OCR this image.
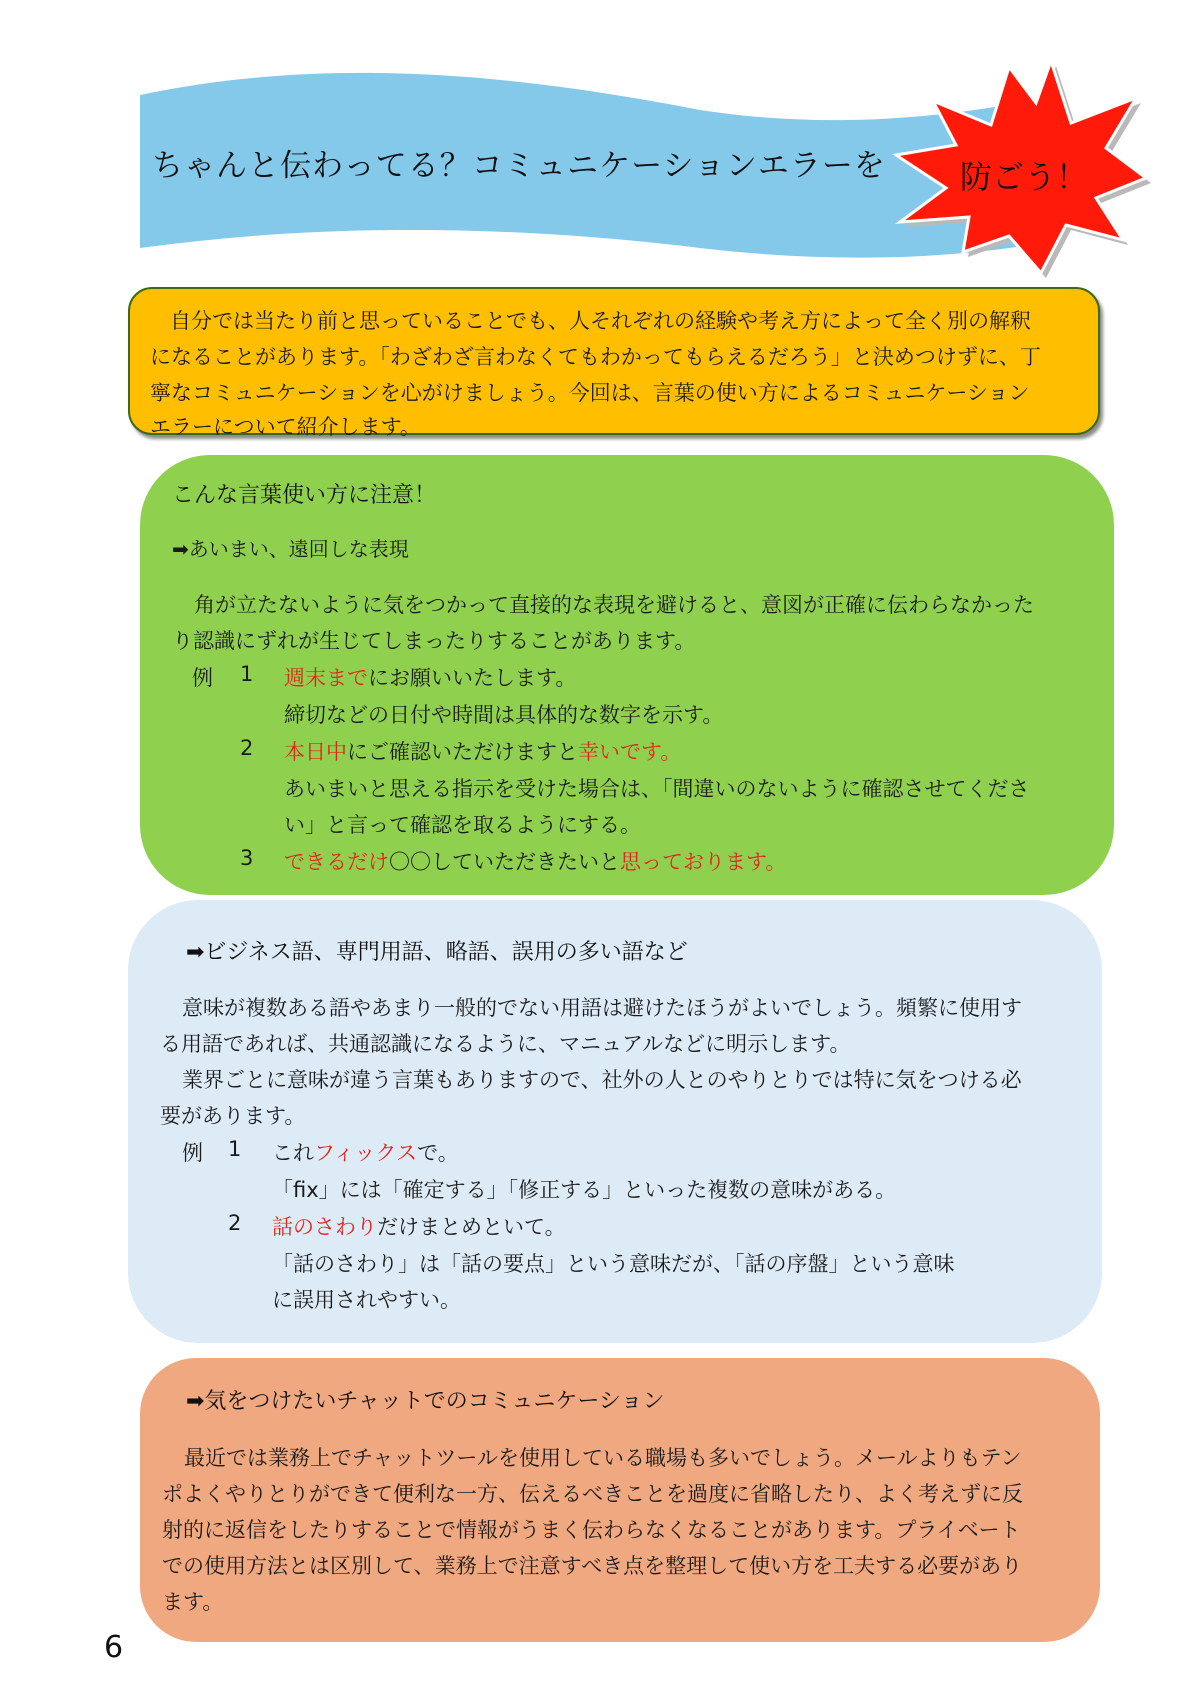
ちゃんと伝わってる？コミュニケーションエラーを 防ごう！
自分では当たり前と思っていることでも、人それぞれの経験や考え方によって全く別の解釈
になることがあります。「わざわざ言わなくてもわかってもらえるだろう」と決めつけずに、丁
寧なコミュニケーションを心がけましょう。今回は、言葉の使い方によるコミュニケーション
エラーについて紹介します。
こんな言葉使い方に注意！
➡あいまい、遠回しな表現
角が立たないように気をつかって直接的な表現を避けると、意図が正確に伝わらなかった
り認識にずれが生じてしまったりすることがあります。
例 1 週末までにお願いいたします。
締切などの日付や時間は具体的な数字を示す。
2 本日中にご確認いただけますと幸いです。
あいまいと思える指示を受けた場合は、「間違いのないように確認させてくださ
い」と言って確認を取るようにする。
3 できるだけ〇〇していただきたいと思っております。
➡ビジネス語、専門用語、略語、誤用の多い語など
意味が複数ある語やあまり一般的でない用語は避けたほうがよいでしょう。頻繁に使用す
る用語であれば、共通認識になるように、マニュアルなどに明示します。
業界ごとに意味が違う言葉もありますので、社外の人とのやりとりでは特に気をつける必
要があります。
例 1 これフィックスで。
「fix」には「確定する」「修正する」といった複数の意味がある。
2 話のさわりだけまとめといて。
「話のさわり」は「話の要点」という意味だが、「話の序盤」という意味
に誤用されやすい。
➡気をつけたいチャットでのコミュニケーション
最近では業務上でチャットツールを使用している職場も多いでしょう。メールよりもテン
ポよくやりとりができて便利な一方、伝えるべきことを過度に省略したり、よく考えずに反
射的に返信をしたりすることで情報がうまく伝わらなくなることがあります。プライベート
での使用方法とは区別して、業務上で注意すべき点を整理して使い方を工夫する必要があり
ます。
6
